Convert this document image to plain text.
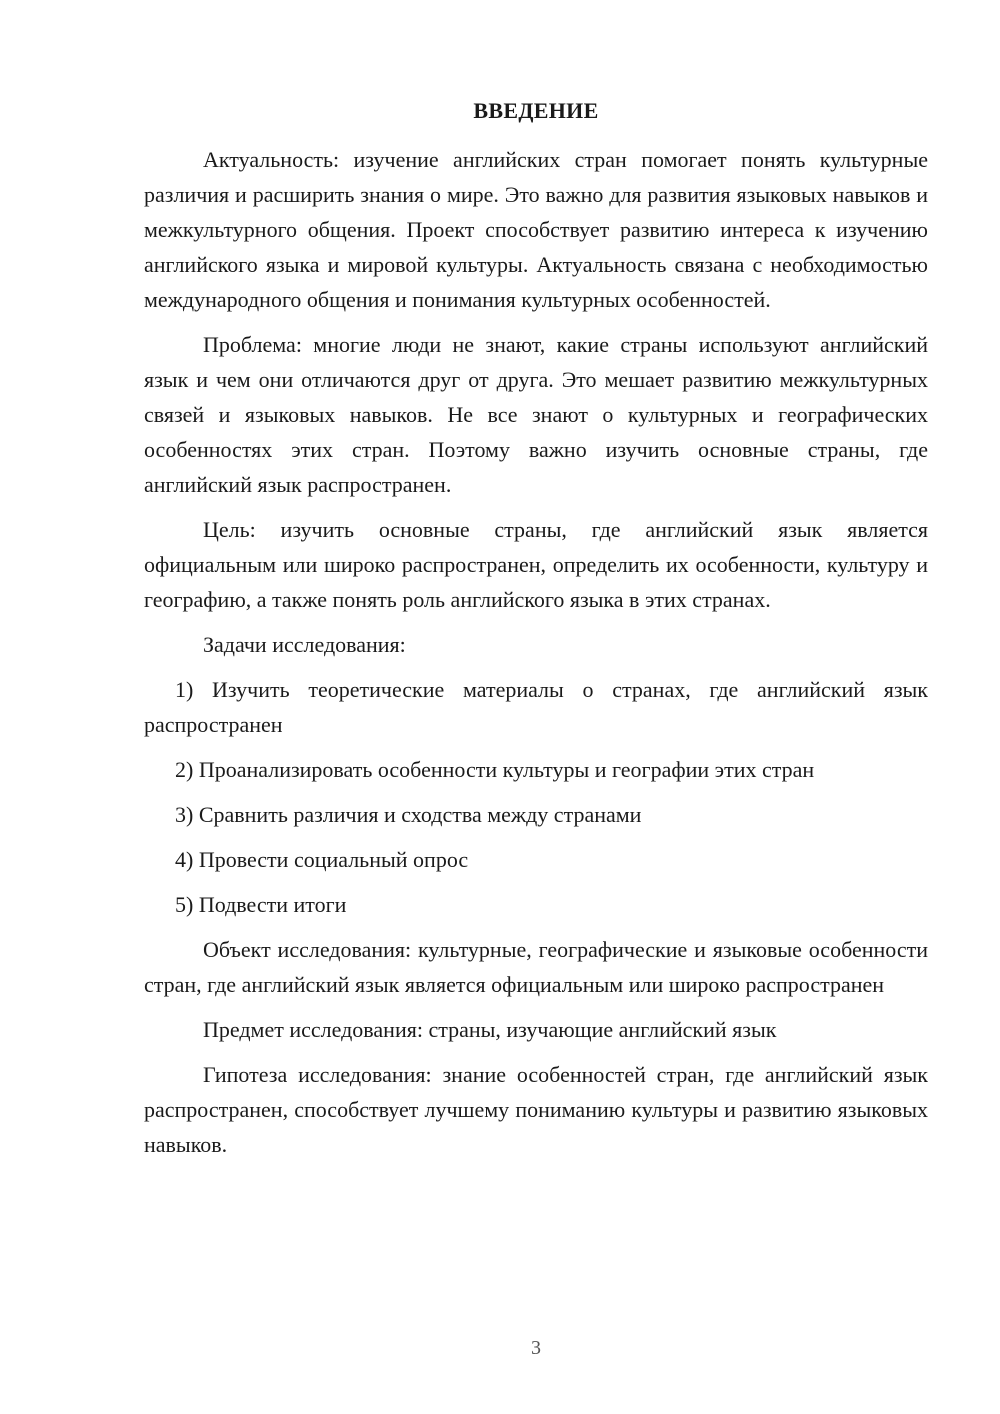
ВВЕДЕНИЕ

Актуальность: изучение английских стран помогает понять культурные различия и расширить знания о мире. Это важно для развития языковых навыков и межкультурного общения. Проект способствует развитию интереса к изучению английского языка и мировой культуры. Актуальность связана с необходимостью международного общения и понимания культурных особенностей.

Проблема: многие люди не знают, какие страны используют английский язык и чем они отличаются друг от друга. Это мешает развитию межкультурных связей и языковых навыков. Не все знают о культурных и географических особенностях этих стран. Поэтому важно изучить основные страны, где английский язык распространен.

Цель: изучить основные страны, где английский язык является официальным или широко распространен, определить их особенности, культуру и географию, а также понять роль английского языка в этих странах.

Задачи исследования:

1) Изучить теоретические материалы о странах, где английский язык распространен

2) Проанализировать особенности культуры и географии этих стран

3) Сравнить различия и сходства между странами

4) Провести социальный опрос

5) Подвести итоги

Объект исследования: культурные, географические и языковые особенности стран, где английский язык является официальным или широко распространен

Предмет исследования: страны, изучающие английский язык

Гипотеза исследования: знание особенностей стран, где английский язык распространен, способствует лучшему пониманию культуры и развитию языковых навыков.

3
